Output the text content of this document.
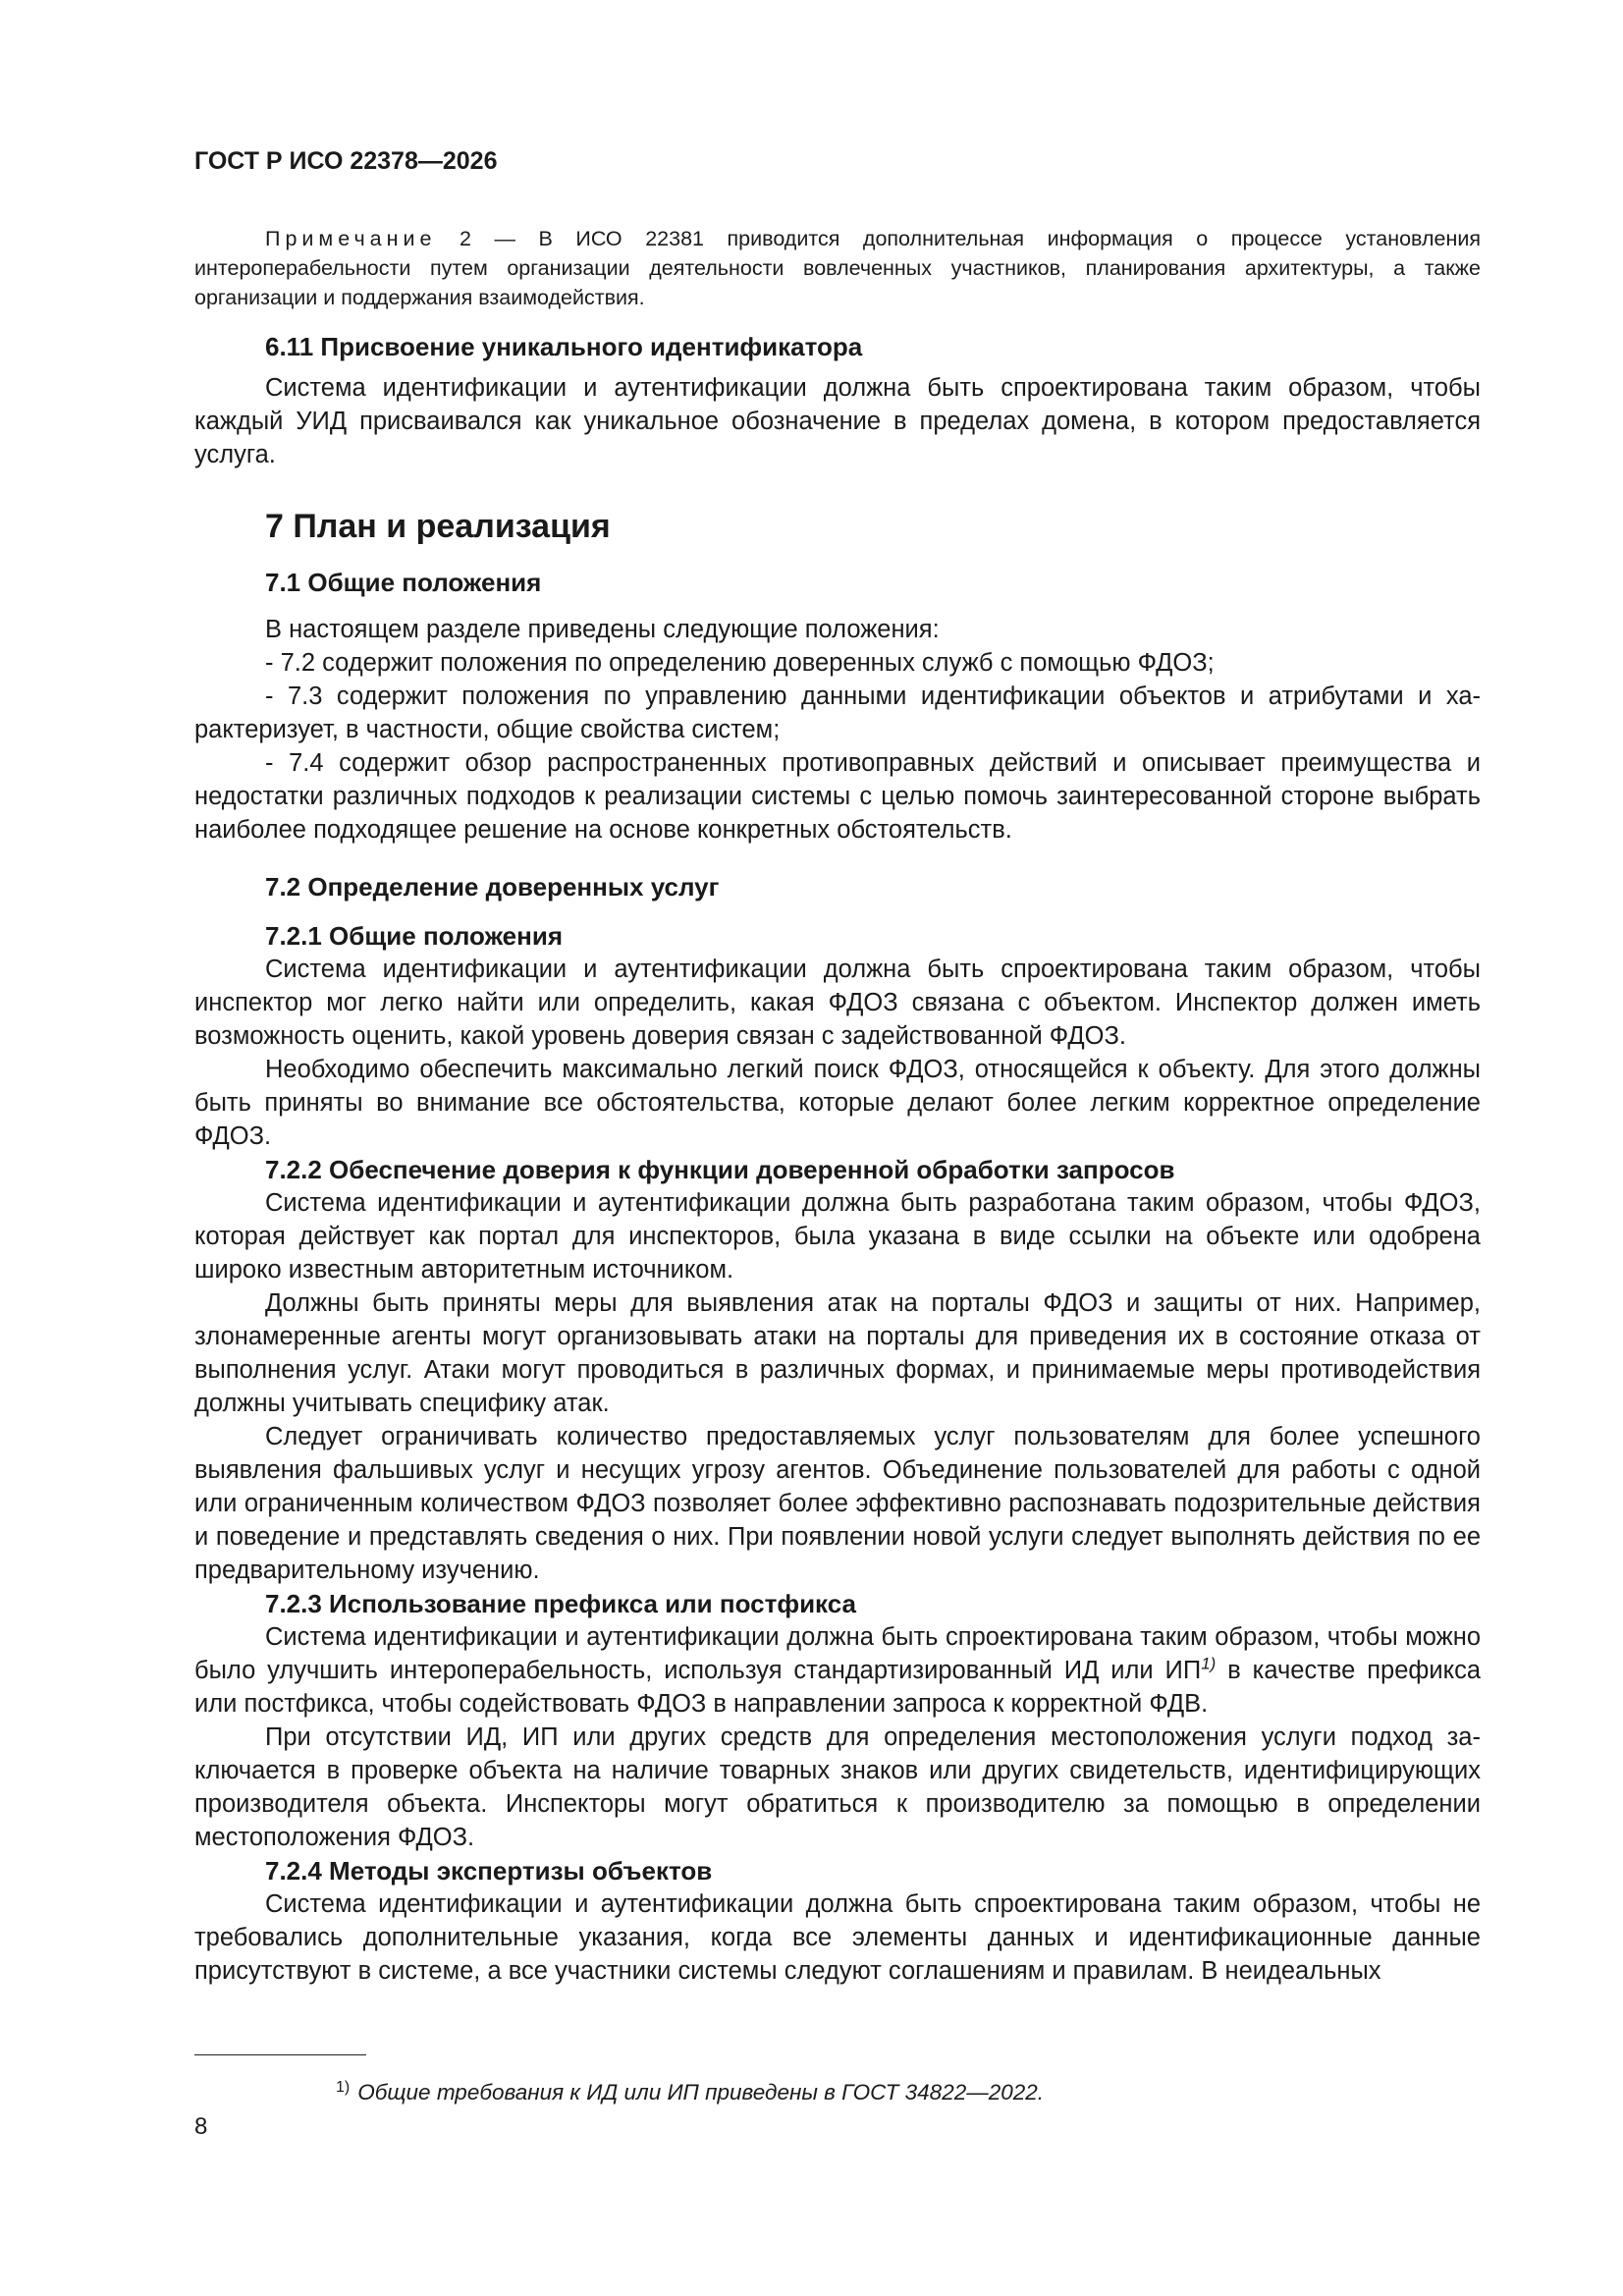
ГОСТ Р ИСО 22378—2026

Примечание 2 — В ИСО 22381 приводится дополнительная информация о процессе установления интероперабельности путем организации деятельности вовлеченных участников, планирования архитектуры, а также организации и поддержания взаимодействия.

6.11 Присвоение уникального идентификатора

Система идентификации и аутентификации должна быть спроектирована таким образом, чтобы каждый УИД присваивался как уникальное обозначение в пределах домена, в котором предоставляется услуга.

7 План и реализация
7.1 Общие положения

В настоящем разделе приведены следующие положения:

- 7.2 содержит положения по определению доверенных служб с помощью ФДОЗ;

- 7.3 содержит положения по управлению данными идентификации объектов и атрибутами и характеризует, в частности, общие свойства систем;

- 7.4 содержит обзор распространенных противоправных действий и описывает преимущества и недостатки различных подходов к реализации системы с целью помочь заинтересованной стороне выбрать наиболее подходящее решение на основе конкретных обстоятельств.

7.2 Определение доверенных услуг
7.2.1 Общие положения

Система идентификации и аутентификации должна быть спроектирована таким образом, чтобы инспектор мог легко найти или определить, какая ФДОЗ связана с объектом. Инспектор должен иметь возможность оценить, какой уровень доверия связан с задействованной ФДОЗ.

Необходимо обеспечить максимально легкий поиск ФДОЗ, относящейся к объекту. Для этого должны быть приняты во внимание все обстоятельства, которые делают более легким корректное определение ФДОЗ.

7.2.2 Обеспечение доверия к функции доверенной обработки запросов

Система идентификации и аутентификации должна быть разработана таким образом, чтобы ФДОЗ, которая действует как портал для инспекторов, была указана в виде ссылки на объекте или одобрена широко известным авторитетным источником.

Должны быть приняты меры для выявления атак на порталы ФДОЗ и защиты от них. Например, злонамеренные агенты могут организовывать атаки на порталы для приведения их в состояние отказа от выполнения услуг. Атаки могут проводиться в различных формах, и принимаемые меры противодействия должны учитывать специфику атак.

Следует ограничивать количество предоставляемых услуг пользователям для более успешного выявления фальшивых услуг и несущих угрозу агентов. Объединение пользователей для работы с одной или ограниченным количеством ФДОЗ позволяет более эффективно распознавать подозрительные действия и поведение и представлять сведения о них. При появлении новой услуги следует выполнять действия по ее предварительному изучению.

7.2.3 Использование префикса или постфикса

Система идентификации и аутентификации должна быть спроектирована таким образом, чтобы можно было улучшить интероперабельность, используя стандартизированный ИД или ИП$^{1)}$ в качестве префикса или постфикса, чтобы содействовать ФДОЗ в направлении запроса к корректной ФДВ.

При отсутствии ИД, ИП или других средств для определения местоположения услуги подход заключается в проверке объекта на наличие товарных знаков или других свидетельств, идентифицирующих производителя объекта. Инспекторы могут обратиться к производителю за помощью в определении местоположения ФДОЗ.

7.2.4 Методы экспертизы объектов

Система идентификации и аутентификации должна быть спроектирована таким образом, чтобы не требовались дополнительные указания, когда все элементы данных и идентификационные данные присутствуют в системе, а все участники системы следуют соглашениям и правилам. В неидеальных

$^{1)}$ Общие требования к ИД или ИП приведены в ГОСТ 34822—2022.

8
